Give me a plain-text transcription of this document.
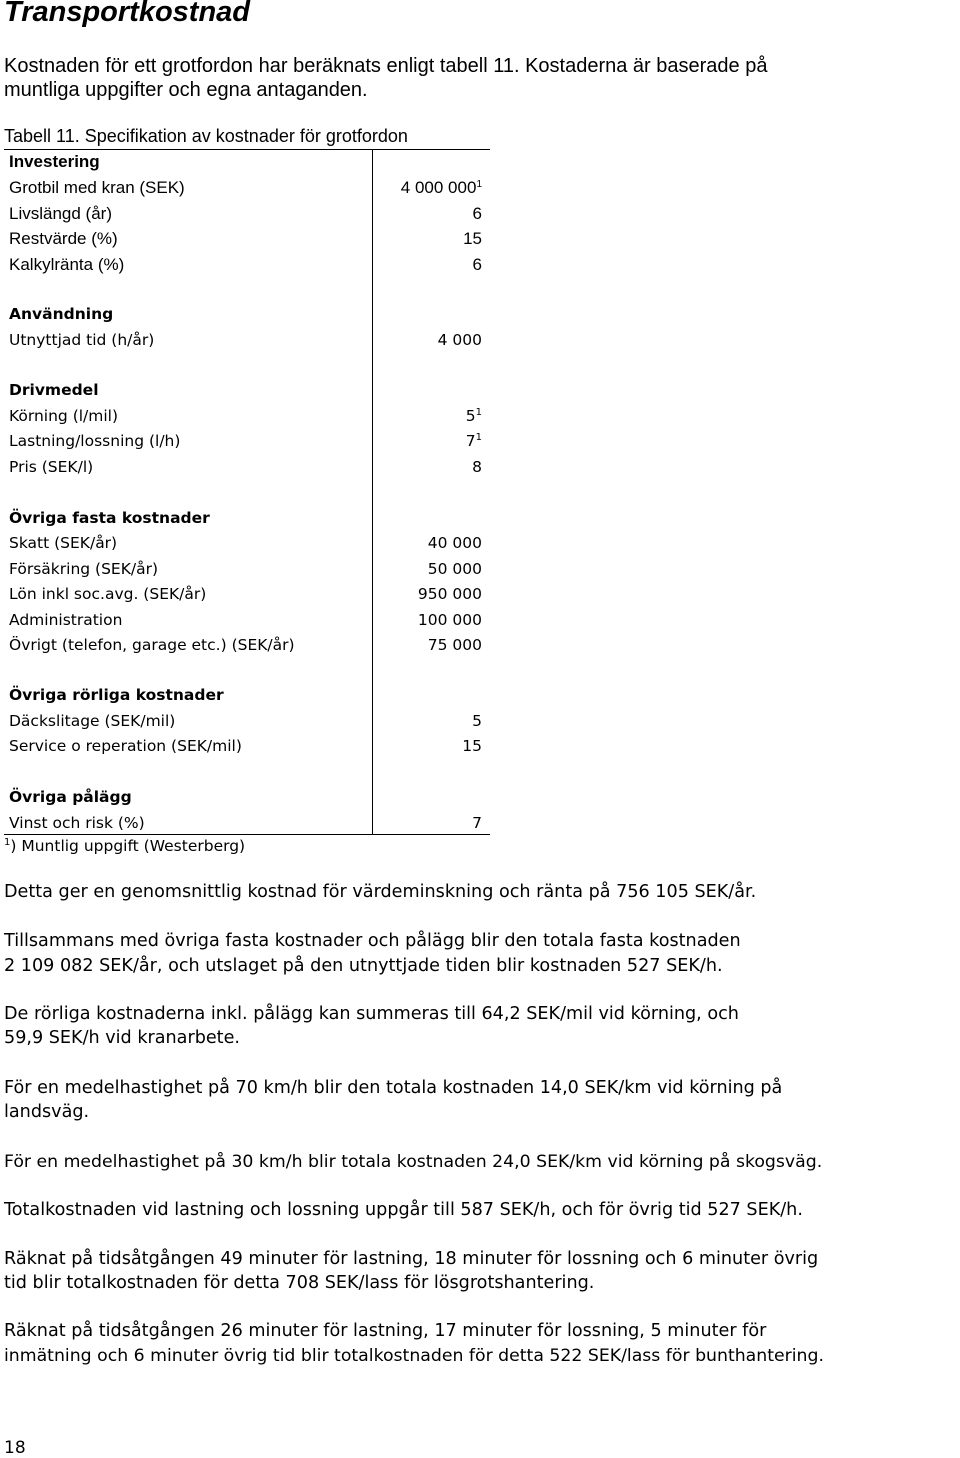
Transportkostnad
Kostnaden för ett grotfordon har beräknats enligt tabell 11. Kostaderna är baserade på
muntliga uppgifter och egna antaganden.
Tabell 11. Specifikation av kostnader för grotfordon
Investering
Grotbil med kran (SEK)	4 000 $000^1$
Livslängd (år)	6
Restvärde (%)	15
Kalkylränta (%)	6
Användning
Utnyttjad tid (h/år)	4 000
Drivmedel
Körning (l/mil)	$5^1$
Lastning/lossning (l/h)	$7^1$
Pris (SEK/l)	8
Övriga fasta kostnader
Skatt (SEK/år)	40 000
Försäkring (SEK/år)	50 000
Lön inkl soc.avg. (SEK/år)	950 000
Administration	100 000
Övrigt (telefon, garage etc.) (SEK/år)	75 000
Övriga rörliga kostnader
Däckslitage (SEK/mil)	5
Service o reperation (SEK/mil)	15
Övriga pålägg
Vinst och risk (%)	7
$^1$) Muntlig uppgift (Westerberg)
Detta ger en genomsnittlig kostnad för värdeminskning och ränta på 756 105 SEK/år.
Tillsammans med övriga fasta kostnader och pålägg blir den totala fasta kostnaden
2 109 082 SEK/år, och utslaget på den utnyttjade tiden blir kostnaden 527 SEK/h.
De rörliga kostnaderna inkl. pålägg kan summeras till 64,2 SEK/mil vid körning, och
59,9 SEK/h vid kranarbete.
För en medelhastighet på 70 km/h blir den totala kostnaden 14,0 SEK/km vid körning på
landsväg.
För en medelhastighet på 30 km/h blir totala kostnaden 24,0 SEK/km vid körning på skogsväg.
Totalkostnaden vid lastning och lossning uppgår till 587 SEK/h, och för övrig tid 527 SEK/h.
Räknat på tidsåtgången 49 minuter för lastning, 18 minuter för lossning och 6 minuter övrig
tid blir totalkostnaden för detta 708 SEK/lass för lösgrotshantering.
Räknat på tidsåtgången 26 minuter för lastning, 17 minuter för lossning, 5 minuter för
inmätning och 6 minuter övrig tid blir totalkostnaden för detta 522 SEK/lass för bunthantering.
18
